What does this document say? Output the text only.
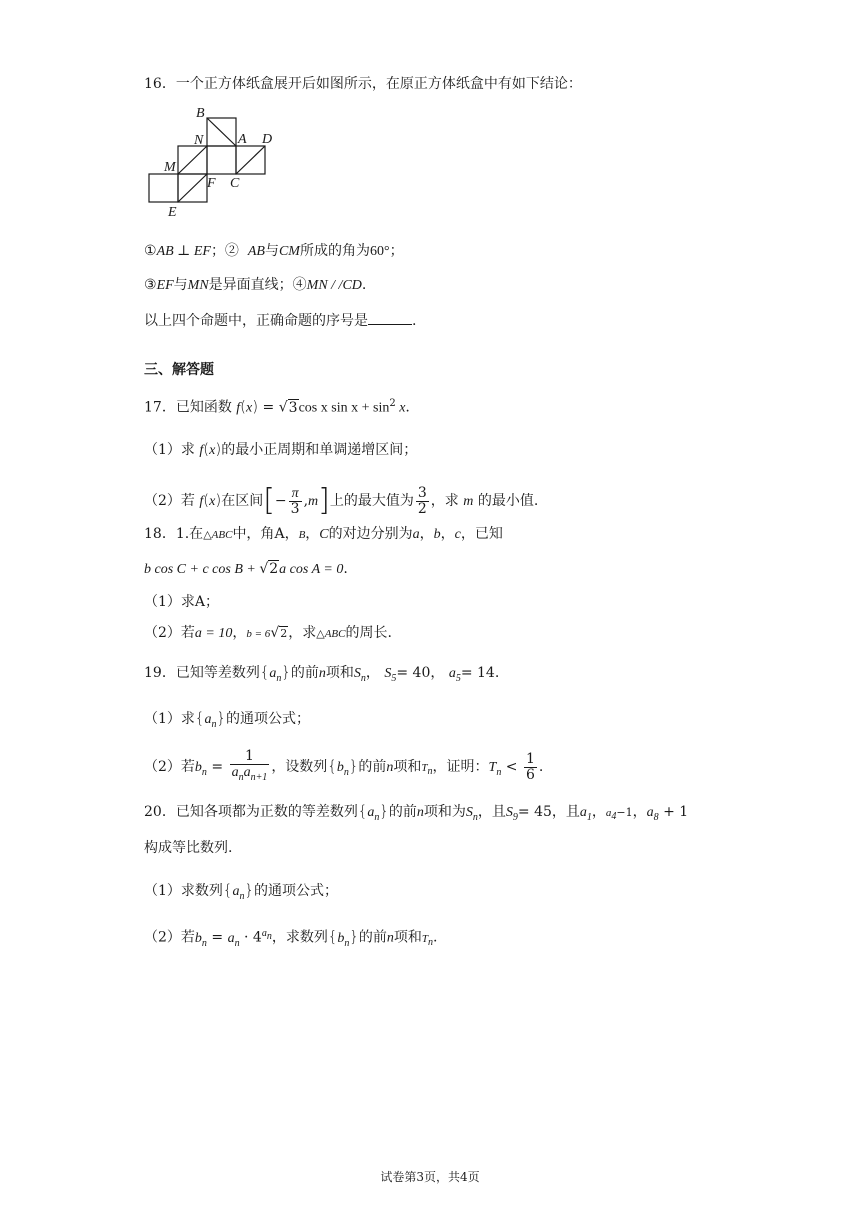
16．一个正方体纸盒展开后如图所示，在原正方体纸盒中有如下结论：
B
N A D
M
F C
E
①AB ⊥ EF；② AB与CM所成的角为60°；
③EF与MN是异面直线；④MN / /CD.
以上四个命题中，正确命题的序号是	.
三、解答题
17．已知函数 f(x) = √3cos x $\sin x + \sin^2 x$.
（1）求 f(x)的最小正周期和单调递增区间；
（2）若 f(x)在区间[− $\frac{\pi}{3} ,m$]上的最大值为 $\frac{3}{2}$ ，求 m 的最小值.
18．1.在△ABC中，角A，B，C的对边分别为a，b，c，已知
b cos C + c cos B + √2a cos A = 0.
（1）求A；
（2）若a = 10，b = 6√2，求△ABC的周长.
19．已知等差数列$\{a_n\}$的前n项和$S_n$， $S_5= 40$， $a_5= 14$.
（1）求$\{a_n\}$的通项公式；
（2）若$b_n = \frac{1}{a_na_{n+1}}$ ，设数列$\{b_n\}$的前n项和$T_n$，证明：$T_n < \frac{1}{6}$ .
20．已知各项都为正数的等差数列$\{a_n\}$的前n项和为$S_n$，且$S_9= 45$，且$a_1$，$a_4-1$，$a_8 + 1$
构成等比数列.
（1）求数列$\{a_n\}$的通项公式；
（2）若$b_n = a_n \cdot 4^{a_n}$，求数列$\{b_n\}$的前n项和$T_n$.
试卷第3页，共4页
